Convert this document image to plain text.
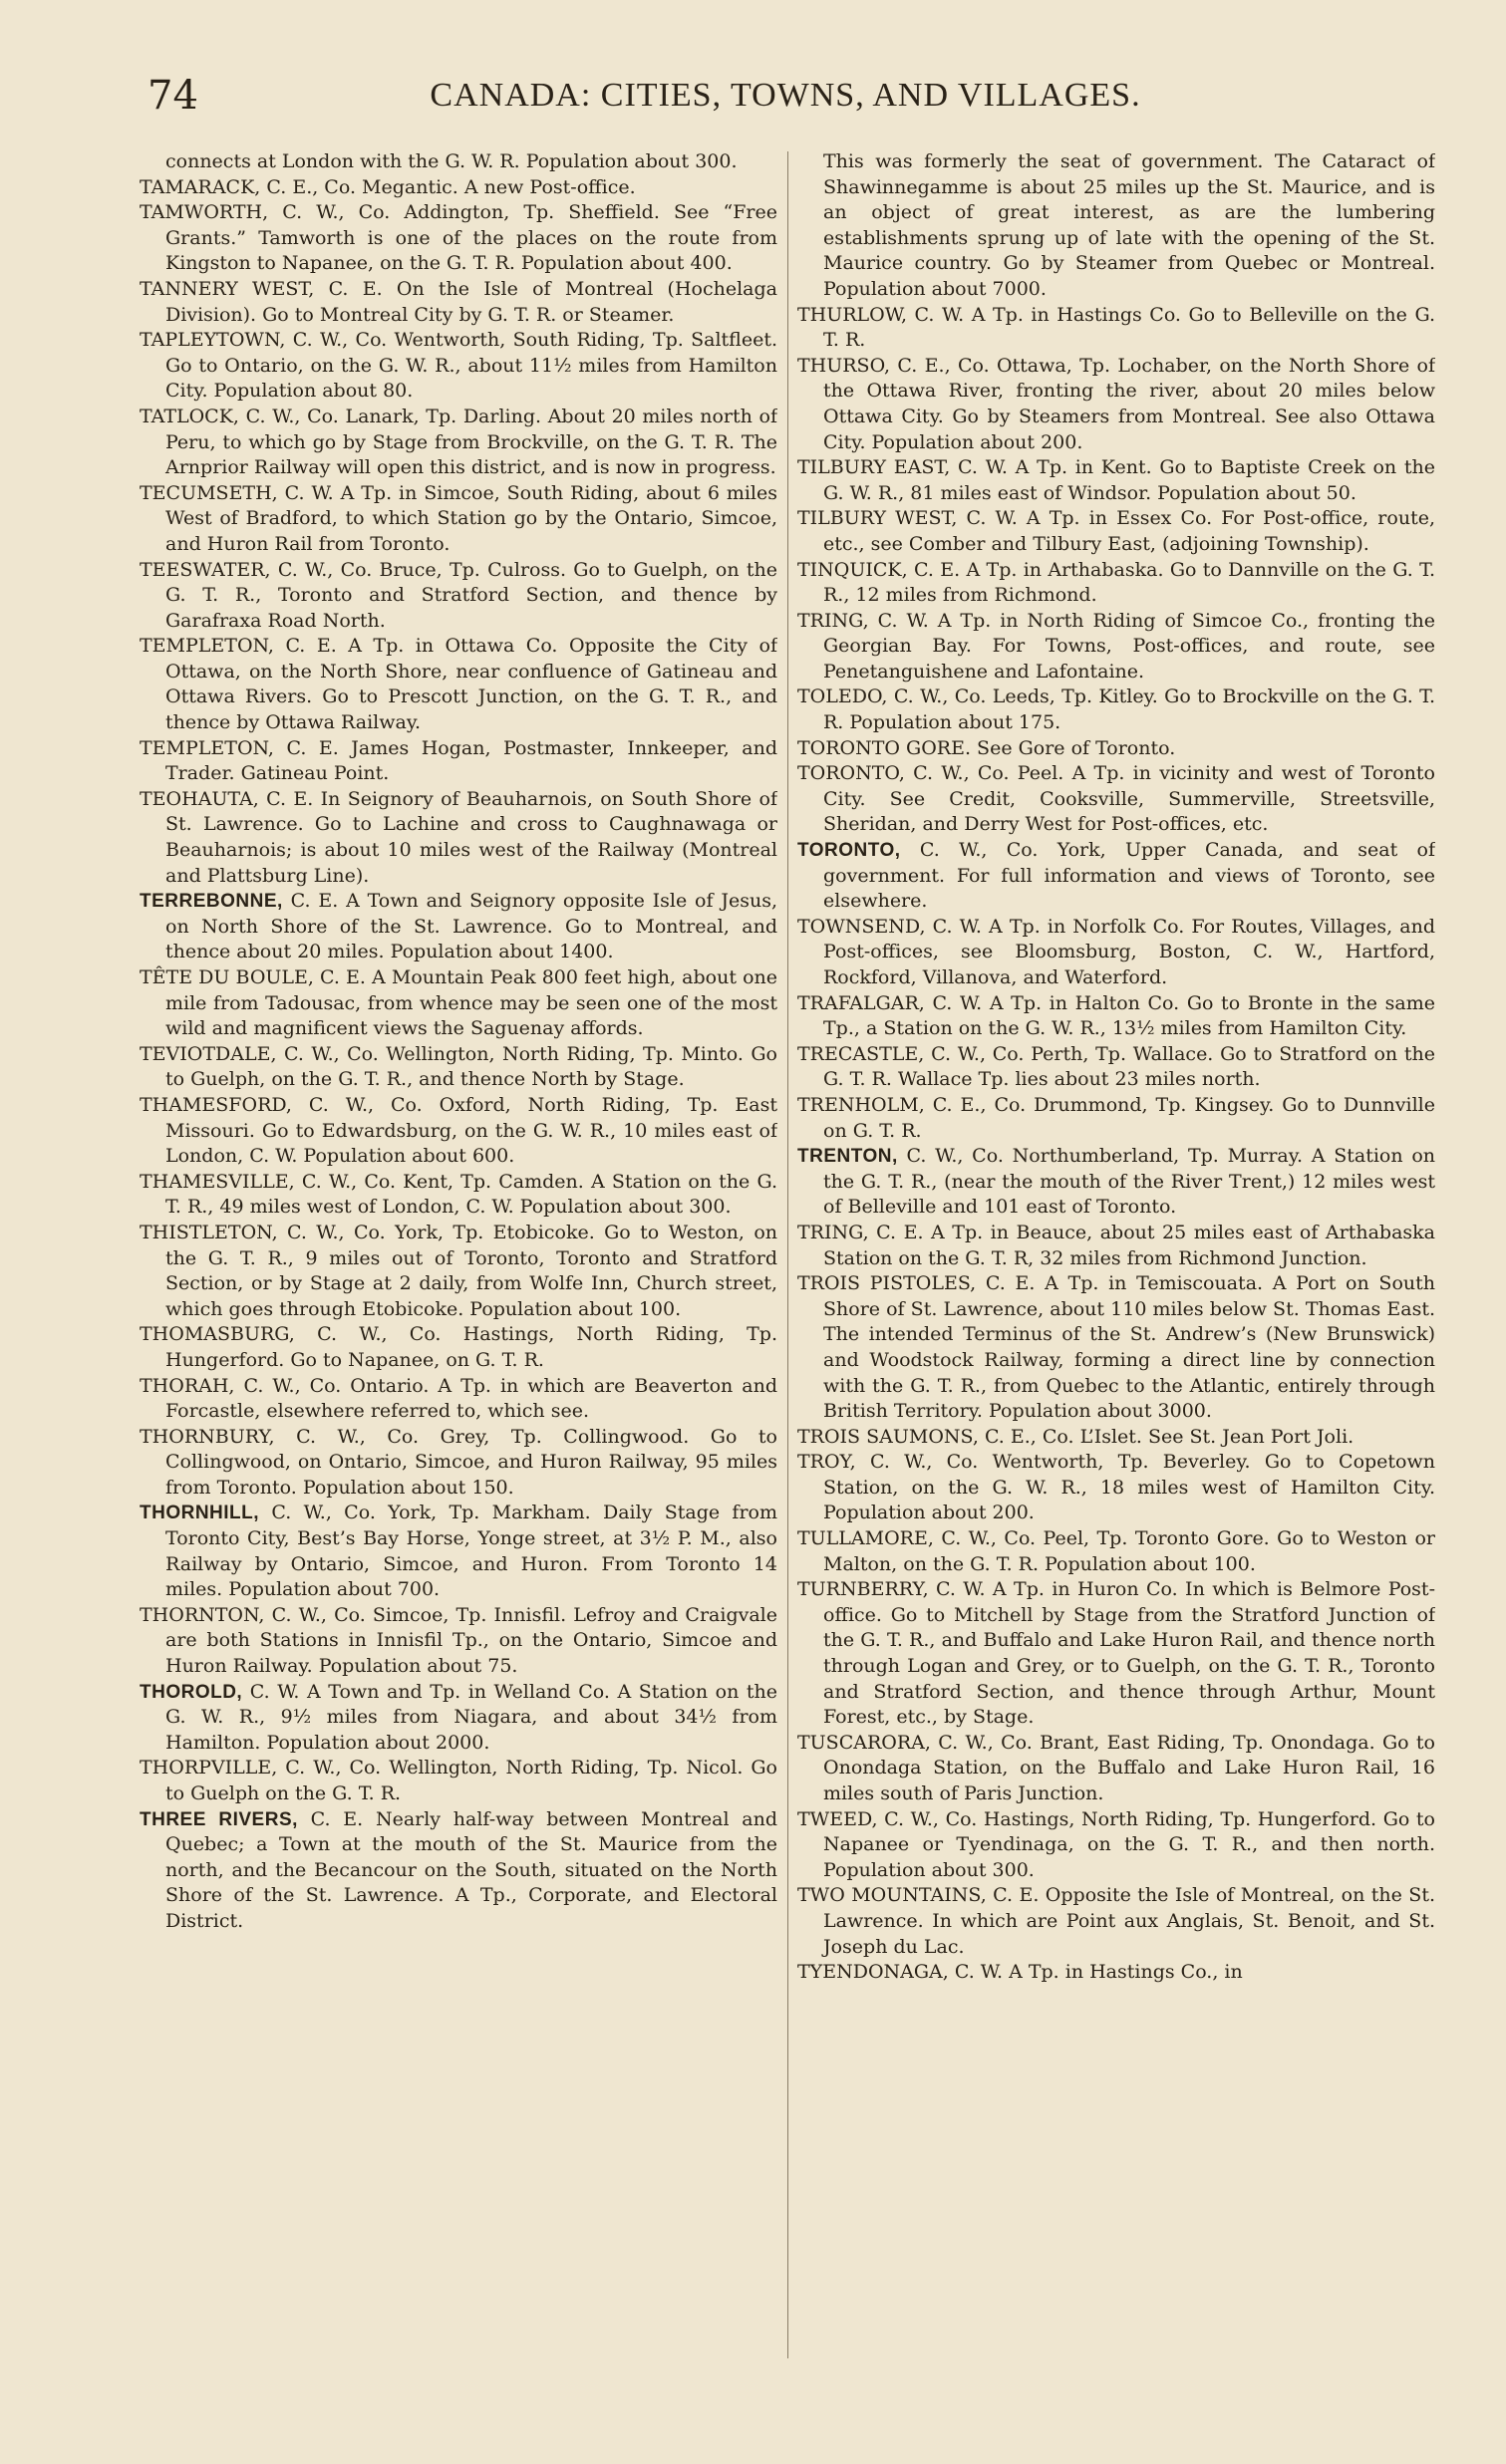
74	CANADA: CITIES, TOWNS, AND VILLAGES.

connects at London with the G. W. R. Population about 300.

TAMARACK, C. E., Co. Megantic. A new Post-office.

TAMWORTH, C. W., Co. Addington, Tp. Sheffield. See “Free Grants.” Tamworth is one of the places on the route from Kingston to Napanee, on the G. T. R. Population about 400.

TANNERY WEST, C. E. On the Isle of Montreal (Hochelaga Division). Go to Montreal City by G. T. R. or Steamer.

TAPLEYTOWN, C. W., Co. Wentworth, South Riding, Tp. Saltfleet. Go to Ontario, on the G. W. R., about 11½ miles from Hamilton City. Population about 80.

TATLOCK, C. W., Co. Lanark, Tp. Darling. About 20 miles north of Peru, to which go by Stage from Brockville, on the G. T. R. The Arnprior Railway will open this district, and is now in progress.

TECUMSETH, C. W. A Tp. in Simcoe, South Riding, about 6 miles West of Bradford, to which Station go by the Ontario, Simcoe, and Huron Rail from Toronto.

TEESWATER, C. W., Co. Bruce, Tp. Culross. Go to Guelph, on the G. T. R., Toronto and Stratford Section, and thence by Garafraxa Road North.

TEMPLETON, C. E. A Tp. in Ottawa Co. Opposite the City of Ottawa, on the North Shore, near confluence of Gatineau and Ottawa Rivers. Go to Prescott Junction, on the G. T. R., and thence by Ottawa Railway.

TEMPLETON, C. E. James Hogan, Postmaster, Innkeeper, and Trader. Gatineau Point.

TEOHAUTA, C. E. In Seignory of Beauharnois, on South Shore of St. Lawrence. Go to Lachine and cross to Caughnawaga or Beauharnois; is about 10 miles west of the Railway (Montreal and Plattsburg Line).

TERREBONNE, C. E. A Town and Seignory opposite Isle of Jesus, on North Shore of the St. Lawrence. Go to Montreal, and thence about 20 miles. Population about 1400.

TÊTE DU BOULE, C. E. A Mountain Peak 800 feet high, about one mile from Tadousac, from whence may be seen one of the most wild and magnificent views the Saguenay affords.

TEVIOTDALE, C. W., Co. Wellington, North Riding, Tp. Minto. Go to Guelph, on the G. T. R., and thence North by Stage.

THAMESFORD, C. W., Co. Oxford, North Riding, Tp. East Missouri. Go to Edwardsburg, on the G. W. R., 10 miles east of London, C. W. Population about 600.

THAMESVILLE, C. W., Co. Kent, Tp. Camden. A Station on the G. T. R., 49 miles west of London, C. W. Population about 300.

THISTLETON, C. W., Co. York, Tp. Etobicoke. Go to Weston, on the G. T. R., 9 miles out of Toronto, Toronto and Stratford Section, or by Stage at 2 daily, from Wolfe Inn, Church street, which goes through Etobicoke. Population about 100.

THOMASBURG, C. W., Co. Hastings, North Riding, Tp. Hungerford. Go to Napanee, on G. T. R.

THORAH, C. W., Co. Ontario. A Tp. in which are Beaverton and Forcastle, elsewhere referred to, which see.

THORNBURY, C. W., Co. Grey, Tp. Collingwood. Go to Collingwood, on Ontario, Simcoe, and Huron Railway, 95 miles from Toronto. Population about 150.

THORNHILL, C. W., Co. York, Tp. Markham. Daily Stage from Toronto City, Best’s Bay Horse, Yonge street, at 3½ P. M., also Railway by Ontario, Simcoe, and Huron. From Toronto 14 miles. Population about 700.

THORNTON, C. W., Co. Simcoe, Tp. Innisfil. Lefroy and Craigvale are both Stations in Innisfil Tp., on the Ontario, Simcoe and Huron Railway. Population about 75.

THOROLD, C. W. A Town and Tp. in Welland Co. A Station on the G. W. R., 9½ miles from Niagara, and about 34½ from Hamilton. Population about 2000.

THORPVILLE, C. W., Co. Wellington, North Riding, Tp. Nicol. Go to Guelph on the G. T. R.

THREE RIVERS, C. E. Nearly half-way between Montreal and Quebec; a Town at the mouth of the St. Maurice from the north, and the Becancour on the South, situated on the North Shore of the St. Lawrence. A Tp., Corporate, and Electoral District.

This was formerly the seat of government. The Cataract of Shawinnegamme is about 25 miles up the St. Maurice, and is an object of great interest, as are the lumbering establishments sprung up of late with the opening of the St. Maurice country. Go by Steamer from Quebec or Montreal. Population about 7000.

THURLOW, C. W. A Tp. in Hastings Co. Go to Belleville on the G. T. R.

THURSO, C. E., Co. Ottawa, Tp. Lochaber, on the North Shore of the Ottawa River, fronting the river, about 20 miles below Ottawa City. Go by Steamers from Montreal. See also Ottawa City. Population about 200.

TILBURY EAST, C. W. A Tp. in Kent. Go to Baptiste Creek on the G. W. R., 81 miles east of Windsor. Population about 50.

TILBURY WEST, C. W. A Tp. in Essex Co. For Post-office, route, etc., see Comber and Tilbury East, (adjoining Township).

TINQUICK, C. E. A Tp. in Arthabaska. Go to Dannville on the G. T. R., 12 miles from Richmond.

TRING, C. W. A Tp. in North Riding of Simcoe Co., fronting the Georgian Bay. For Towns, Post-offices, and route, see Penetanguishene and Lafontaine.

TOLEDO, C. W., Co. Leeds, Tp. Kitley. Go to Brockville on the G. T. R. Population about 175.

TORONTO GORE. See Gore of Toronto.

TORONTO, C. W., Co. Peel. A Tp. in vicinity and west of Toronto City. See Credit, Cooksville, Summerville, Streetsville, Sheridan, and Derry West for Post-offices, etc.

TORONTO, C. W., Co. York, Upper Canada, and seat of government. For full information and views of Toronto, see elsewhere.

TOWNSEND, C. W. A Tp. in Norfolk Co. For Routes, Villages, and Post-offices, see Bloomsburg, Boston, C. W., Hartford, Rockford, Villanova, and Waterford.

TRAFALGAR, C. W. A Tp. in Halton Co. Go to Bronte in the same Tp., a Station on the G. W. R., 13½ miles from Hamilton City.

TRECASTLE, C. W., Co. Perth, Tp. Wallace. Go to Stratford on the G. T. R. Wallace Tp. lies about 23 miles north.

TRENHOLM, C. E., Co. Drummond, Tp. Kingsey. Go to Dunnville on G. T. R.

TRENTON, C. W., Co. Northumberland, Tp. Murray. A Station on the G. T. R., (near the mouth of the River Trent,) 12 miles west of Belleville and 101 east of Toronto.

TRING, C. E. A Tp. in Beauce, about 25 miles east of Arthabaska Station on the G. T. R, 32 miles from Richmond Junction.

TROIS PISTOLES, C. E. A Tp. in Temiscouata. A Port on South Shore of St. Lawrence, about 110 miles below St. Thomas East. The intended Terminus of the St. Andrew’s (New Brunswick) and Woodstock Railway, forming a direct line by connection with the G. T. R., from Quebec to the Atlantic, entirely through British Territory. Population about 3000.

TROIS SAUMONS, C. E., Co. L’Islet. See St. Jean Port Joli.

TROY, C. W., Co. Wentworth, Tp. Beverley. Go to Copetown Station, on the G. W. R., 18 miles west of Hamilton City. Population about 200.

TULLAMORE, C. W., Co. Peel, Tp. Toronto Gore. Go to Weston or Malton, on the G. T. R. Population about 100.

TURNBERRY, C. W. A Tp. in Huron Co. In which is Belmore Post-office. Go to Mitchell by Stage from the Stratford Junction of the G. T. R., and Buffalo and Lake Huron Rail, and thence north through Logan and Grey, or to Guelph, on the G. T. R., Toronto and Stratford Section, and thence through Arthur, Mount Forest, etc., by Stage.

TUSCARORA, C. W., Co. Brant, East Riding, Tp. Onondaga. Go to Onondaga Station, on the Buffalo and Lake Huron Rail, 16 miles south of Paris Junction.

TWEED, C. W., Co. Hastings, North Riding, Tp. Hungerford. Go to Napanee or Tyendinaga, on the G. T. R., and then north. Population about 300.

TWO MOUNTAINS, C. E. Opposite the Isle of Montreal, on the St. Lawrence. In which are Point aux Anglais, St. Benoit, and St. Joseph du Lac.

TYENDONAGA, C. W. A Tp. in Hastings Co., in
